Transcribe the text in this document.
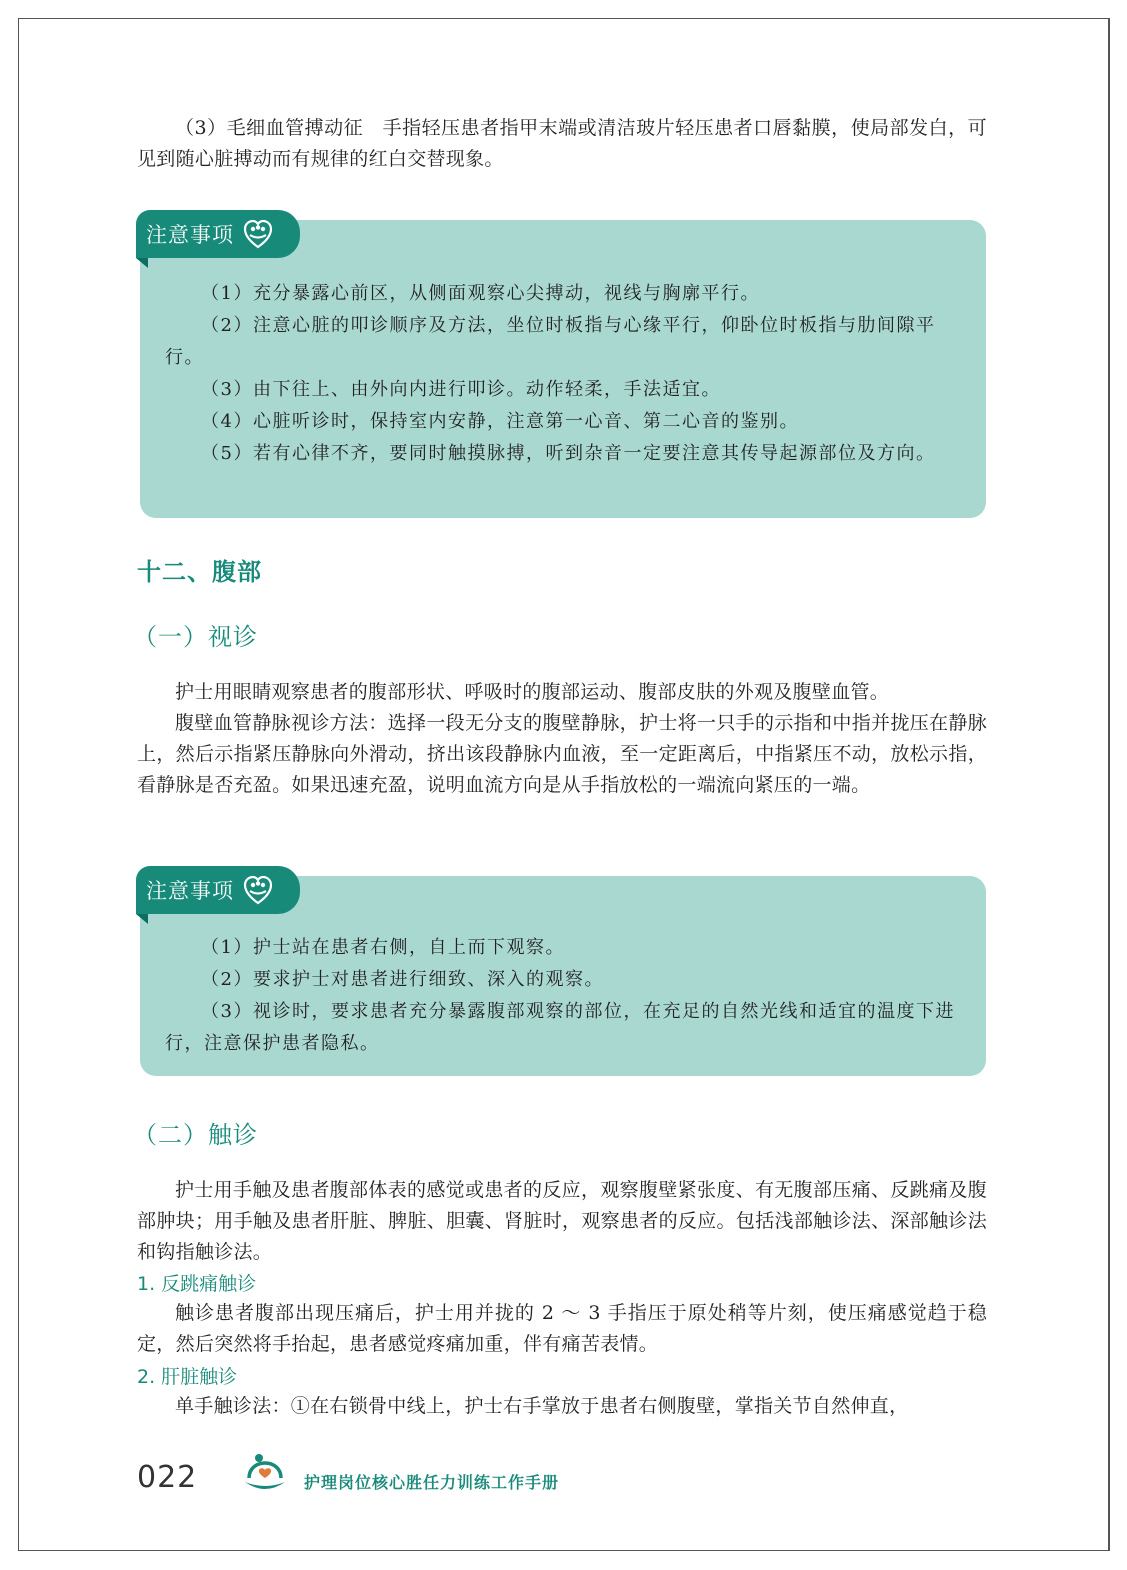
（3）毛细血管搏动征　手指轻压患者指甲末端或清洁玻片轻压患者口唇黏膜，使局部发白，可见到随心脏搏动而有规律的红白交替现象。

注意事项

（1）充分暴露心前区，从侧面观察心尖搏动，视线与胸廓平行。

（2）注意心脏的叩诊顺序及方法，坐位时板指与心缘平行，仰卧位时板指与肋间隙平行。

（3）由下往上、由外向内进行叩诊。动作轻柔，手法适宜。

（4）心脏听诊时，保持室内安静，注意第一心音、第二心音的鉴别。

（5）若有心律不齐，要同时触摸脉搏，听到杂音一定要注意其传导起源部位及方向。

十二、腹部
（一）视诊

护士用眼睛观察患者的腹部形状、呼吸时的腹部运动、腹部皮肤的外观及腹壁血管。

腹壁血管静脉视诊方法：选择一段无分支的腹壁静脉，护士将一只手的示指和中指并拢压在静脉上，然后示指紧压静脉向外滑动，挤出该段静脉内血液，至一定距离后，中指紧压不动，放松示指，看静脉是否充盈。如果迅速充盈，说明血流方向是从手指放松的一端流向紧压的一端。

注意事项

（1）护士站在患者右侧，自上而下观察。

（2）要求护士对患者进行细致、深入的观察。

（3）视诊时，要求患者充分暴露腹部观察的部位，在充足的自然光线和适宜的温度下进行，注意保护患者隐私。

（二）触诊

护士用手触及患者腹部体表的感觉或患者的反应，观察腹壁紧张度、有无腹部压痛、反跳痛及腹部肿块；用手触及患者肝脏、脾脏、胆囊、肾脏时，观察患者的反应。包括浅部触诊法、深部触诊法和钩指触诊法。

1. 反跳痛触诊

触诊患者腹部出现压痛后，护士用并拢的 2 ～ 3 手指压于原处稍等片刻，使压痛感觉趋于稳定，然后突然将手抬起，患者感觉疼痛加重，伴有痛苦表情。

2. 肝脏触诊

单手触诊法：①在右锁骨中线上，护士右手掌放于患者右侧腹壁，掌指关节自然伸直，

022	护理岗位核心胜任力训练工作手册
